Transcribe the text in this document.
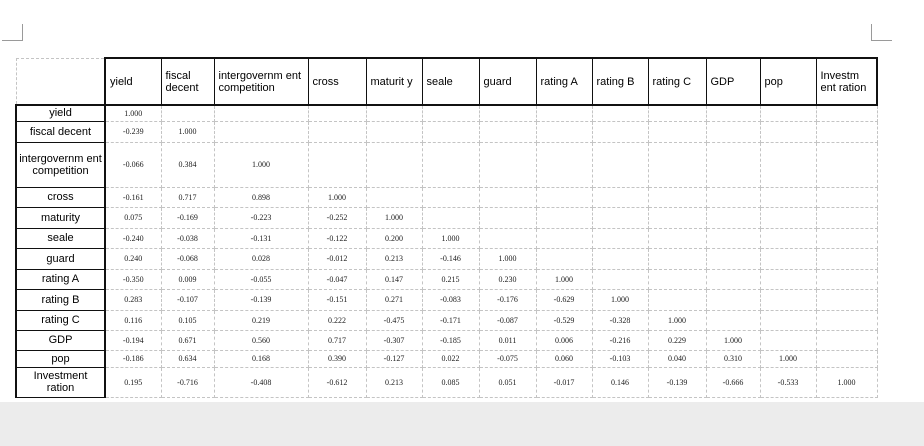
	yield	fiscal decent	intergovernm ent competition	cross	maturit y	seale	guard	rating A	rating B	rating C	GDP	pop	Investm ent ration
yield	1.000												
fiscal decent	-0.239	1.000											
intergovernm ent competition	-0.066	0.384	1.000										
cross	-0.161	0.717	0.898	1.000									
maturity	0.075	-0.169	-0.223	-0.252	1.000								
seale	-0.240	-0.038	-0.131	-0.122	0.200	1.000							
guard	0.240	-0.068	0.028	-0.012	0.213	-0.146	1.000						
rating A	-0.350	0.009	-0.055	-0.047	0.147	0.215	0.230	1.000					
rating B	0.283	-0.107	-0.139	-0.151	0.271	-0.083	-0.176	-0.629	1.000				
rating C	0.116	0.105	0.219	0.222	-0.475	-0.171	-0.087	-0.529	-0.328	1.000			
GDP	-0.194	0.671	0.560	0.717	-0.307	-0.185	0.011	0.006	-0.216	0.229	1.000		
pop	-0.186	0.634	0.168	0.390	-0.127	0.022	-0.075	0.060	-0.103	0.040	0.310	1.000	
Investment ration	0.195	-0.716	-0.408	-0.612	0.213	0.085	0.051	-0.017	0.146	-0.139	-0.666	-0.533	1.000
